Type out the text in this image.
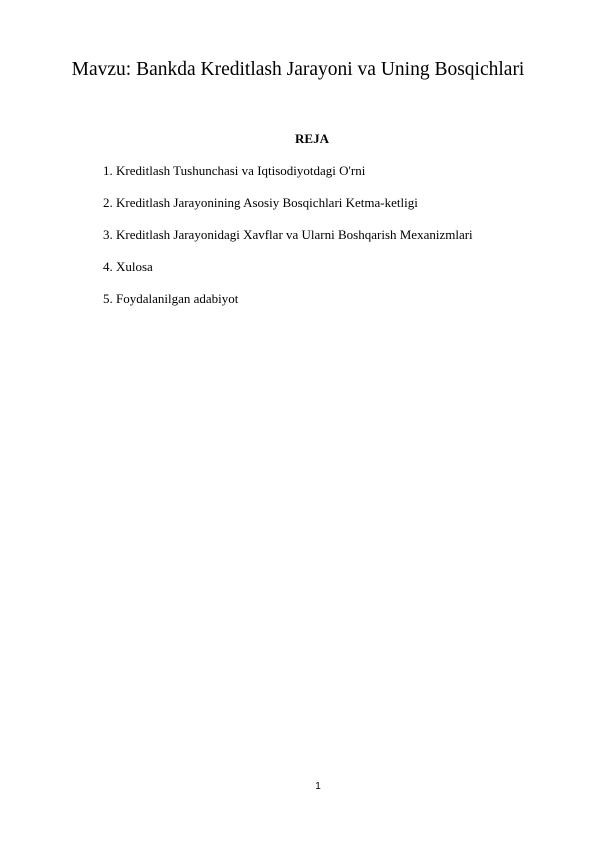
Mavzu: Bankda Kreditlash Jarayoni va Uning Bosqichlari
REJA
1. Kreditlash Tushunchasi va Iqtisodiyotdagi O'rni
2. Kreditlash Jarayonining Asosiy Bosqichlari Ketma-ketligi
3. Kreditlash Jarayonidagi Xavflar va Ularni Boshqarish Mexanizmlari
4. Xulosa
5. Foydalanilgan adabiyot
1
